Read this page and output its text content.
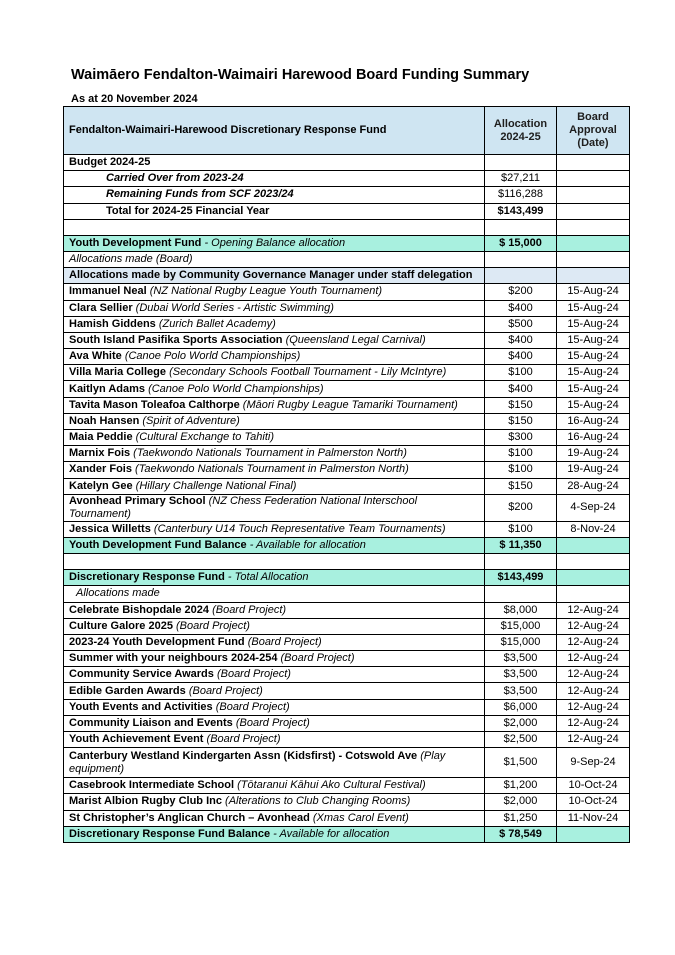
Waimāero Fendalton-Waimairi Harewood Board Funding Summary
As at 20 November 2024
Fendalton-Waimairi-Harewood Discretionary Response Fund	Allocation 2024-25	Board Approval (Date)
Budget 2024-25		
Carried Over from 2023-24	$27,211	
Remaining Funds from SCF 2023/24	$116,288	
Total for 2024-25 Financial Year	$143,499	

Youth Development Fund - Opening Balance allocation	$ 15,000	
Allocations made (Board)		
Allocations made by Community Governance Manager under staff delegation		
Immanuel Neal (NZ National Rugby League Youth Tournament)	$200	15-Aug-24
Clara Sellier (Dubai World Series - Artistic Swimming)	$400	15-Aug-24
Hamish Giddens (Zurich Ballet Academy)	$500	15-Aug-24
South Island Pasifika Sports Association (Queensland Legal Carnival)	$400	15-Aug-24
Ava White (Canoe Polo World Championships)	$400	15-Aug-24
Villa Maria College (Secondary Schools Football Tournament - Lily McIntyre)	$100	15-Aug-24
Kaitlyn Adams (Canoe Polo World Championships)	$400	15-Aug-24
Tavita Mason Toleafoa Calthorpe (Māori Rugby League Tamariki Tournament)	$150	15-Aug-24
Noah Hansen (Spirit of Adventure)	$150	16-Aug-24
Maia Peddie (Cultural Exchange to Tahiti)	$300	16-Aug-24
Marnix Fois (Taekwondo Nationals Tournament in Palmerston North)	$100	19-Aug-24
Xander Fois (Taekwondo Nationals Tournament in Palmerston North)	$100	19-Aug-24
Katelyn Gee (Hillary Challenge National Final)	$150	28-Aug-24
Avonhead Primary School (NZ Chess Federation National Interschool Tournament)	$200	4-Sep-24
Jessica Willetts (Canterbury U14 Touch Representative Team Tournaments)	$100	8-Nov-24
Youth Development Fund Balance - Available for allocation	$ 11,350	

Discretionary Response Fund - Total Allocation	$143,499	
Allocations made		
Celebrate Bishopdale 2024 (Board Project)	$8,000	12-Aug-24
Culture Galore 2025 (Board Project)	$15,000	12-Aug-24
2023-24 Youth Development Fund (Board Project)	$15,000	12-Aug-24
Summer with your neighbours 2024-254 (Board Project)	$3,500	12-Aug-24
Community Service Awards (Board Project)	$3,500	12-Aug-24
Edible Garden Awards (Board Project)	$3,500	12-Aug-24
Youth Events and Activities (Board Project)	$6,000	12-Aug-24
Community Liaison and Events (Board Project)	$2,000	12-Aug-24
Youth Achievement Event (Board Project)	$2,500	12-Aug-24
Canterbury Westland Kindergarten Assn (Kidsfirst) - Cotswold Ave (Play equipment)	$1,500	9-Sep-24
Casebrook Intermediate School (Tōtaranui Kāhui Ako Cultural Festival)	$1,200	10-Oct-24
Marist Albion Rugby Club Inc (Alterations to Club Changing Rooms)	$2,000	10-Oct-24
St Christopher’s Anglican Church – Avonhead (Xmas Carol Event)	$1,250	11-Nov-24
Discretionary Response Fund Balance - Available for allocation	$ 78,549	
